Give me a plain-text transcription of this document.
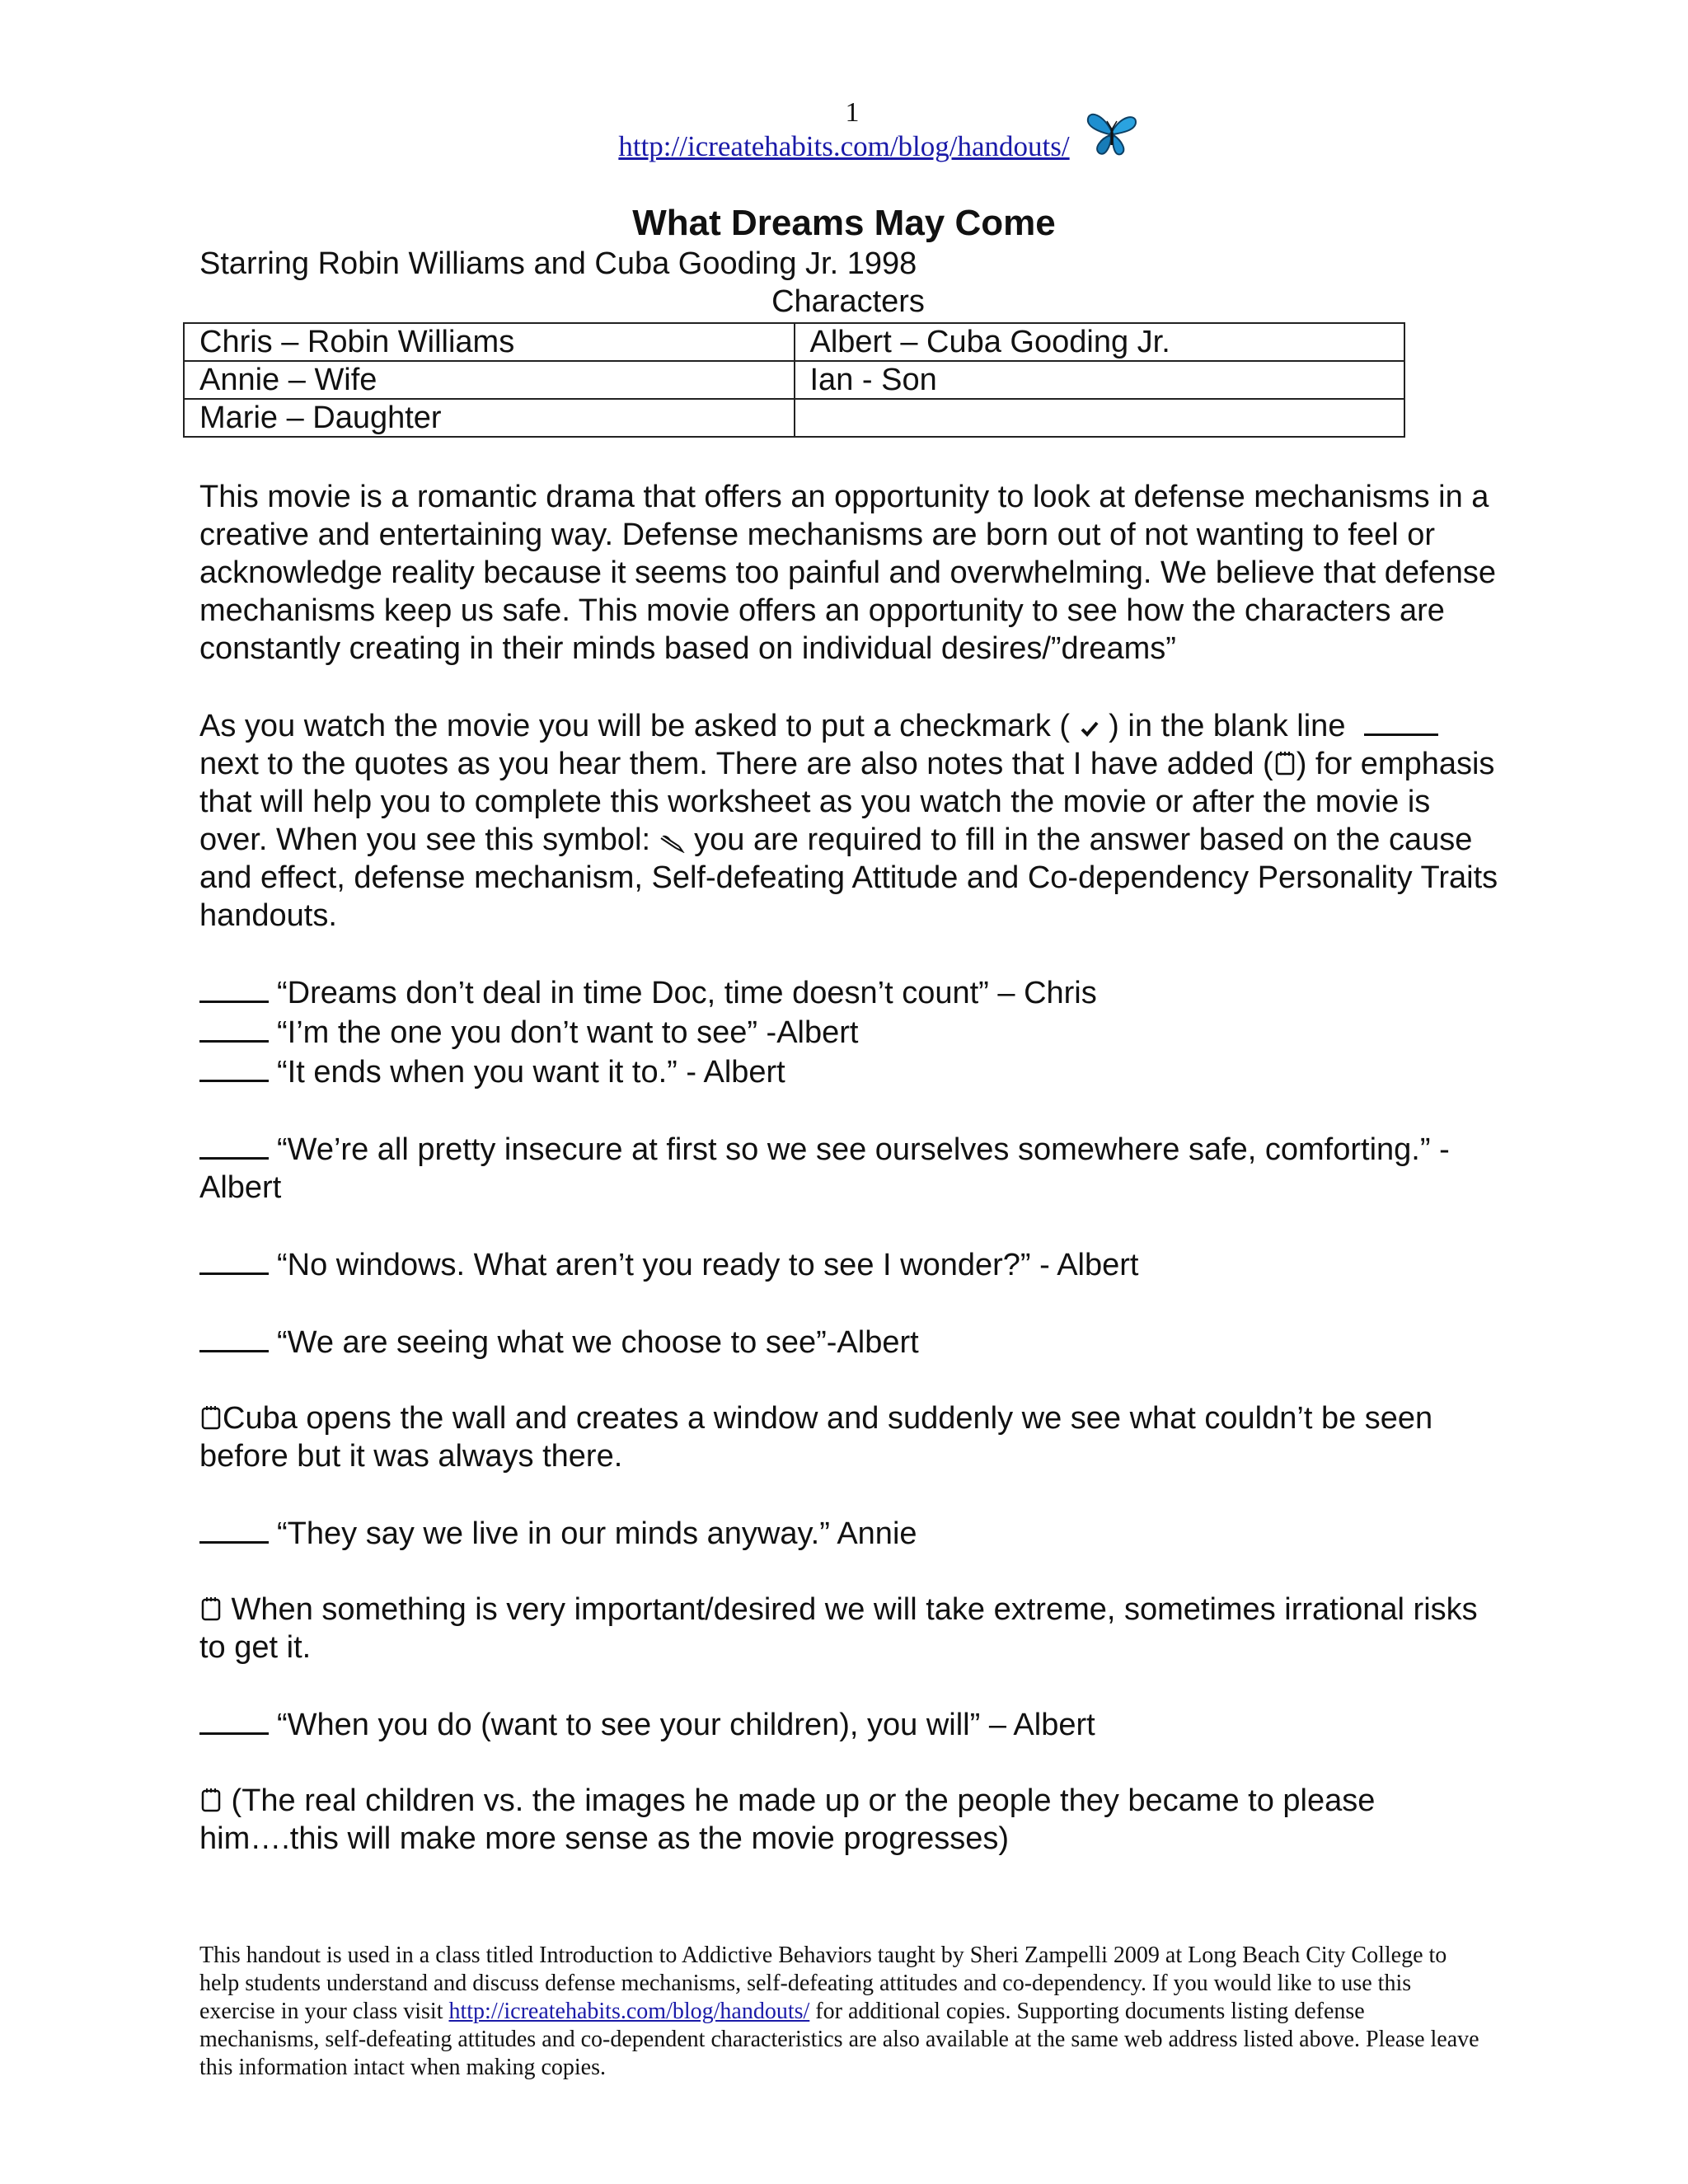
1
http://icreatehabits.com/blog/handouts/
What Dreams May Come
Starring Robin Williams and Cuba Gooding Jr. 1998
Characters
Chris – Robin Williams	Albert – Cuba Gooding Jr.
Annie – Wife	Ian - Son
Marie – Daughter	

This movie is a romantic drama that offers an opportunity to look at defense mechanisms in a creative and entertaining way. Defense mechanisms are born out of not wanting to feel or acknowledge reality because it seems too painful and overwhelming. We believe that defense mechanisms keep us safe. This movie offers an opportunity to see how the characters are constantly creating in their minds based on individual desires/”dreams”

As you watch the movie you will be asked to put a checkmark ( ) in the blank line  next to the quotes as you hear them. There are also notes that I have added ( ) for emphasis that will help you to complete this worksheet as you watch the movie or after the movie is over. When you see this symbol: you are required to fill in the answer based on the cause and effect, defense mechanism, Self-defeating Attitude and Co-dependency Personality Traits handouts.

“Dreams don’t deal in time Doc, time doesn’t count” – Chris

“I’m the one you don’t want to see” -Albert

“It ends when you want it to.” - Albert

“We’re all pretty insecure at first so we see ourselves somewhere safe, comforting.” - Albert

“No windows. What aren’t you ready to see I wonder?” - Albert

“We are seeing what we choose to see”-Albert

Cuba opens the wall and creates a window and suddenly we see what couldn’t be seen before but it was always there.

“They say we live in our minds anyway.” Annie

When something is very important/desired we will take extreme, sometimes irrational risks to get it.

“When you do (want to see your children), you will” – Albert

(The real children vs. the images he made up or the people they became to please him….this will make more sense as the movie progresses)

This handout is used in a class titled Introduction to Addictive Behaviors taught by Sheri Zampelli 2009 at Long Beach City College to help students understand and discuss defense mechanisms, self-defeating attitudes and co-dependency. If you would like to use this exercise in your class visit http://icreatehabits.com/blog/handouts/ for additional copies. Supporting documents listing defense mechanisms, self-defeating attitudes and co-dependent characteristics are also available at the same web address listed above. Please leave this information intact when making copies.
